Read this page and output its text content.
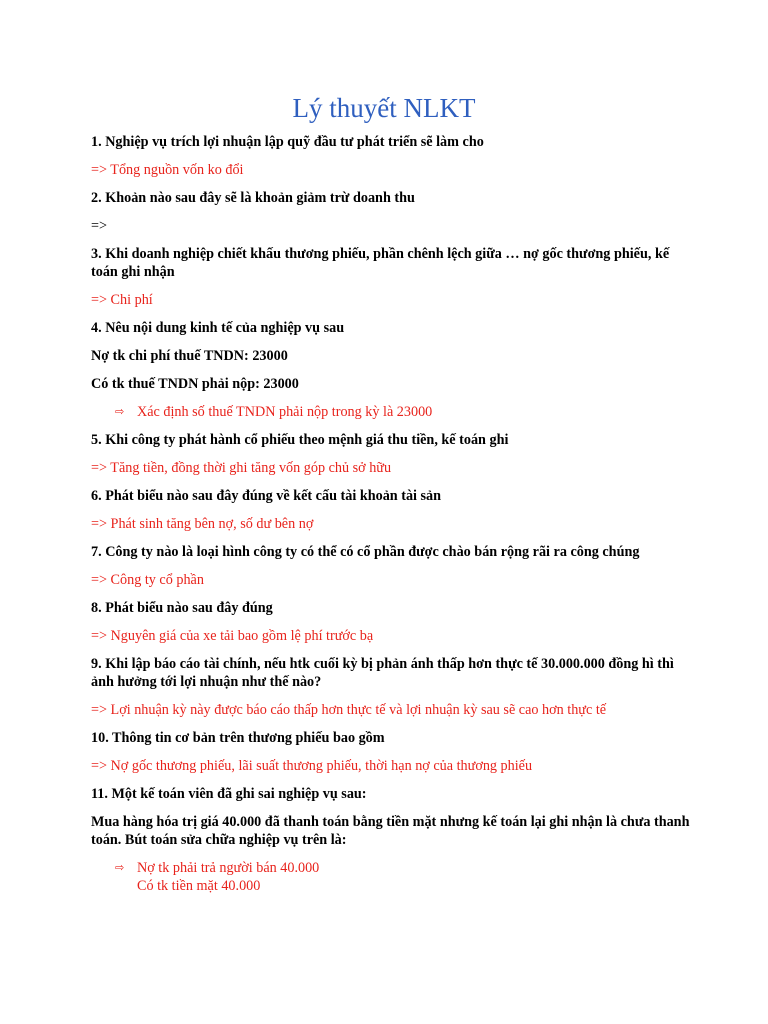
Lý thuyết NLKT

1. Nghiệp vụ trích lợi nhuận lập quỹ đầu tư phát triển sẽ làm cho

=> Tổng nguồn vốn ko đổi

2. Khoản nào sau đây sẽ là khoản giảm trừ doanh thu

=>

3. Khi doanh nghiệp chiết khấu thương phiếu, phần chênh lệch giữa … nợ gốc thương phiếu, kế toán ghi nhận

=> Chi phí

4. Nêu nội dung kinh tế của nghiệp vụ sau

Nợ tk chi phí thuế TNDN: 23000

Có tk thuế TNDN phải nộp: 23000

⇨ Xác định số thuế TNDN phải nộp trong kỳ là 23000

5. Khi công ty phát hành cổ phiếu theo mệnh giá thu tiền, kế toán ghi

=> Tăng tiền, đồng thời ghi tăng vốn góp chủ sở hữu

6. Phát biểu nào sau đây đúng về kết cấu tài khoản tài sản

=> Phát sinh tăng bên nợ, số dư bên nợ

7. Công ty nào là loại hình công ty có thể có cổ phần được chào bán rộng rãi ra công chúng

=> Công ty cổ phần

8. Phát biểu nào sau đây đúng

=> Nguyên giá của xe tải bao gồm lệ phí trước bạ

9. Khi lập báo cáo tài chính, nếu htk cuối kỳ bị phản ánh thấp hơn thực tế 30.000.000 đồng hì thì ảnh hưởng tới lợi nhuận như thế nào?

=> Lợi nhuận kỳ này được báo cáo thấp hơn thực tế và lợi nhuận kỳ sau sẽ cao hơn thực tế

10. Thông tin cơ bản trên thương phiếu bao gồm

=> Nợ gốc thương phiếu, lãi suất thương phiếu, thời hạn nợ của thương phiếu

11. Một kế toán viên đã ghi sai nghiệp vụ sau:

Mua hàng hóa trị giá 40.000 đã thanh toán bằng tiền mặt nhưng kế toán lại ghi nhận là chưa thanh toán. Bút toán sửa chữa nghiệp vụ trên là:

⇨ Nợ tk phải trả người bán 40.000
Có tk tiền mặt 40.000
